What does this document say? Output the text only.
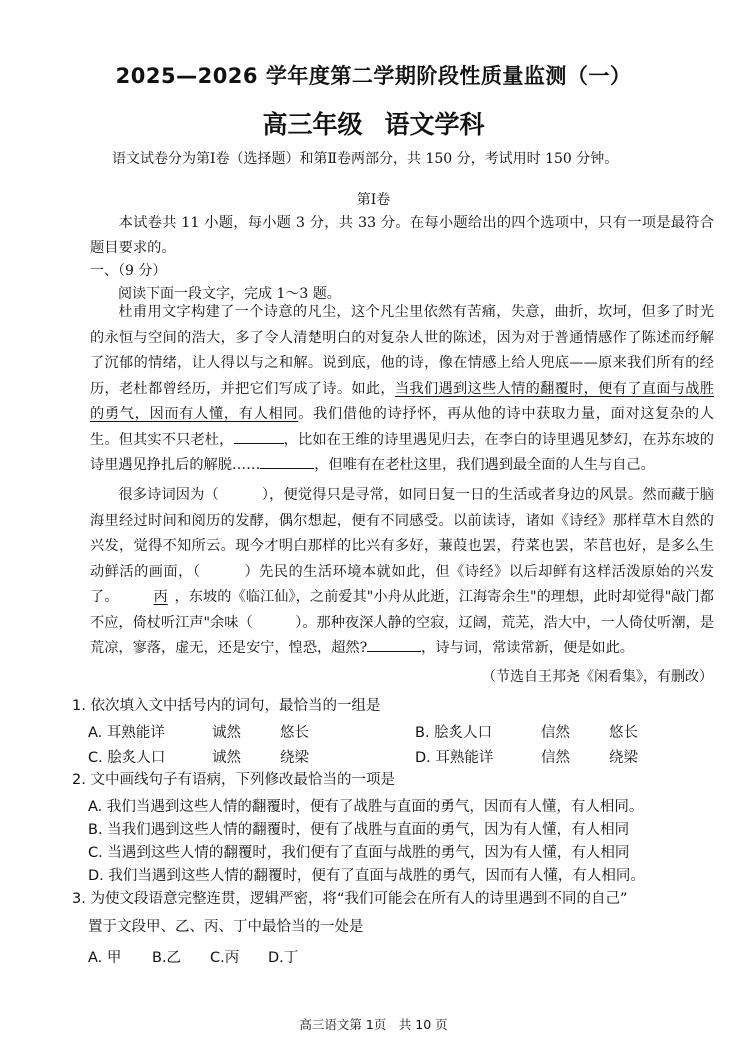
2025—2026 学年度第二学期阶段性质量监测（一）
高三年级 语文学科
语文试卷分为第Ⅰ卷（选择题）和第Ⅱ卷两部分，共 150 分，考试用时 150 分钟。
第Ⅰ卷
本试卷共 11 小题，每小题 3 分，共 33 分。在每小题给出的四个选项中，只有一项是最符合题目要求的。
一、（9 分）
阅读下面一段文字，完成 1～3 题。
杜甫用文字构建了一个诗意的凡尘，这个凡尘里依然有苦痛，失意，曲折，坎坷，但多了时光的永恒与空间的浩大，多了令人清楚明白的对复杂人世的陈述，因为对于普通情感作了陈述而纾解了沉郁的情绪，让人得以与之和解。说到底，他的诗，像在情感上给人兜底——原来我们所有的经历，老杜都曾经历，并把它们写成了诗。如此，当我们遇到这些人情的翻覆时，便有了直面与战胜的勇气，因而有人懂，有人相同。我们借他的诗抒怀，再从他的诗中获取力量，面对这复杂的人生。但其实不只老杜，	，比如在王维的诗里遇见归去，在李白的诗里遇见梦幻，在苏东坡的诗里遇见挣扎后的解脱……	，但唯有在老杜这里，我们遇到最全面的人生与自己。
很多诗词因为（　　　），便觉得只是寻常，如同日复一日的生活或者身边的风景。然而藏于脑海里经过时间和阅历的发酵，偶尔想起，便有不同感受。以前读诗，诸如《诗经》那样草木自然的兴发，觉得不知所云。现今才明白那样的比兴有多好，蒹葭也罢，荇菜也罢，芣苢也好，是多么生动鲜活的画面，（　　　）先民的生活环境本就如此，但《诗经》以后却鲜有这样活泼原始的兴发了。 丙 ，东坡的《临江仙》，之前爱其"小舟从此逝，江海寄余生"的理想，此时却觉得"敲门都不应，倚杖听江声"余味（　　　）。那种夜深人静的空寂，辽阔，荒芜，浩大中，一人倚仗听潮，是荒凉，寥落，虚无，还是安宁，惶恐，超然?	，诗与词，常读常新，便是如此。
（节选自王邦尧《闲看集》，有删改）
1. 依次填入文中括号内的词句，最恰当的一组是
A. 耳熟能详	诚然	悠长	B. 脍炙人口	信然	悠长
C. 脍炙人口	诚然	绕梁	D. 耳熟能详	信然	绕梁
2. 文中画线句子有语病，下列修改最恰当的一项是
A. 我们当遇到这些人情的翻覆时，便有了战胜与直面的勇气，因而有人懂，有人相同。
B. 当我们遇到这些人情的翻覆时，便有了战胜与直面的勇气，因为有人懂，有人相同
C. 当遇到这些人情的翻覆时，我们便有了直面与战胜的勇气，因为有人懂，有人相同
D. 我们当遇到这些人情的翻覆时，便有了直面与战胜的勇气，因而有人懂，有人相同。
3. 为使文段语意完整连贯，逻辑严密，将“我们可能会在所有人的诗里遇到不同的自己”
置于文段甲、乙、丙、丁中最恰当的一处是
A. 甲 B.乙 C.丙 D.丁
高三语文第 1页　共 10 页
